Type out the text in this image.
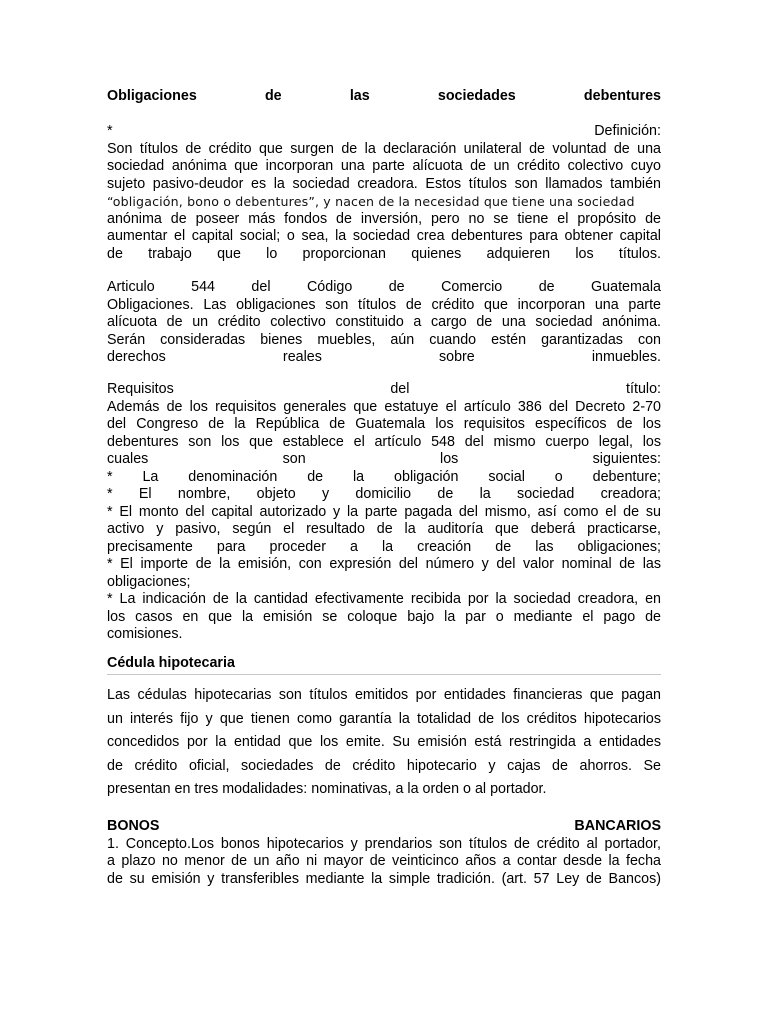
Obligaciones de las sociedades debentures
*	Definición:
Son títulos de crédito que surgen de la declaración unilateral de voluntad de una
sociedad anónima que incorporan una parte alícuota de un crédito colectivo cuyo
sujeto pasivo-deudor es la sociedad creadora. Estos títulos son llamados también
“obligación, bono o debentures”, y nacen de la necesidad que tiene una sociedad
anónima de poseer más fondos de inversión, pero no se tiene el propósito de
aumentar el capital social; o sea, la sociedad crea debentures para obtener capital
de trabajo que lo proporcionan quienes adquieren los títulos.
Articulo 544 del Código de Comercio de Guatemala
Obligaciones. Las obligaciones son títulos de crédito que incorporan una parte
alícuota de un crédito colectivo constituido a cargo de una sociedad anónima.
Serán consideradas bienes muebles, aún cuando estén garantizadas con
derechos reales sobre inmuebles.
Requisitos del título:
Además de los requisitos generales que estatuye el artículo 386 del Decreto 2-70
del Congreso de la República de Guatemala los requisitos específicos de los
debentures son los que establece el artículo 548 del mismo cuerpo legal, los
cuales son los siguientes:
* La denominación de la obligación social o debenture;
* El nombre, objeto y domicilio de la sociedad creadora;
* El monto del capital autorizado y la parte pagada del mismo, así como el de su
activo y pasivo, según el resultado de la auditoría que deberá practicarse,
precisamente para proceder a la creación de las obligaciones;
* El importe de la emisión, con expresión del número y del valor nominal de las
obligaciones;
* La indicación de la cantidad efectivamente recibida por la sociedad creadora, en
los casos en que la emisión se coloque bajo la par o mediante el pago de
comisiones.
Cédula hipotecaria
Las cédulas hipotecarias son títulos emitidos por entidades financieras que pagan
un interés fijo y que tienen como garantía la totalidad de los créditos hipotecarios
concedidos por la entidad que los emite. Su emisión está restringida a entidades
de crédito oficial, sociedades de crédito hipotecario y cajas de ahorros. Se
presentan en tres modalidades: nominativas, a la orden o al portador.
BONOS BANCARIOS
1. Concepto.Los bonos hipotecarios y prendarios son títulos de crédito al portador,
a plazo no menor de un año ni mayor de veinticinco años a contar desde la fecha
de su emisión y transferibles mediante la simple tradición. (art. 57 Ley de Bancos)
